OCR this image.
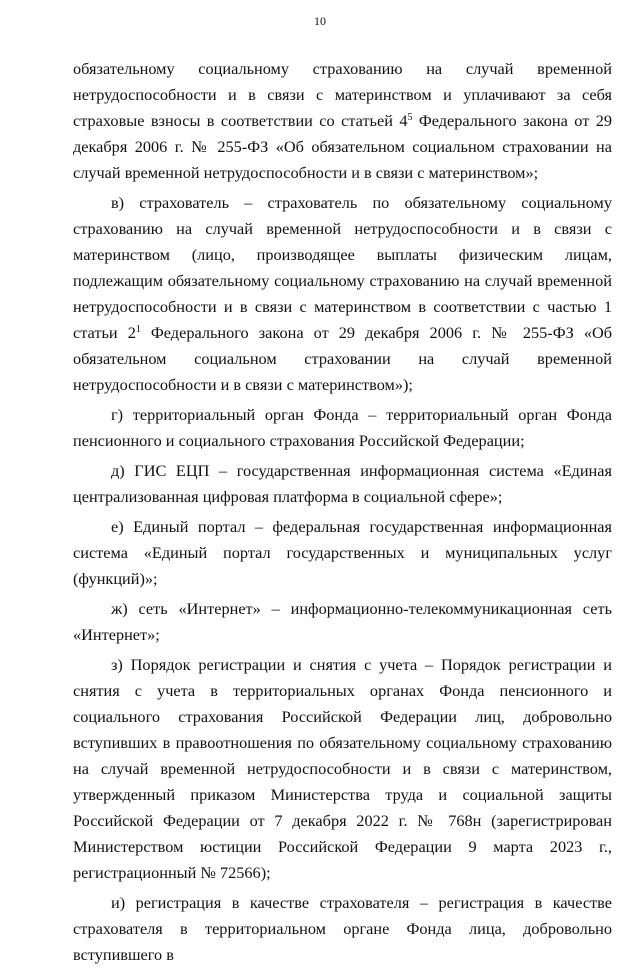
10

обязательному социальному страхованию на случай временной нетрудоспособности и в связи с материнством и уплачивают за себя страховые взносы в соответствии со статьей $4^5$ Федерального закона от 29 декабря 2006 г. № 255-ФЗ «Об обязательном социальном страховании на случай временной нетрудоспособности и в связи с материнством»;

в) страхователь – страхователь по обязательному социальному страхованию на случай временной нетрудоспособности и в связи с материнством (лицо, производящее выплаты физическим лицам, подлежащим обязательному социальному страхованию на случай временной нетрудоспособности и в связи с материнством в соответствии с частью 1 статьи $2^1$ Федерального закона от 29 декабря 2006 г. № 255-ФЗ «Об обязательном социальном страховании на случай временной нетрудоспособности и в связи с материнством»);

г) территориальный орган Фонда – территориальный орган Фонда пенсионного и социального страхования Российской Федерации;

д) ГИС ЕЦП – государственная информационная система «Единая централизованная цифровая платформа в социальной сфере»;

е) Единый портал – федеральная государственная информационная система «Единый портал государственных и муниципальных услуг (функций)»;

ж) сеть «Интернет» – информационно-телекоммуникационная сеть «Интернет»;

з) Порядок регистрации и снятия с учета – Порядок регистрации и снятия с учета в территориальных органах Фонда пенсионного и социального страхования Российской Федерации лиц, добровольно вступивших в правоотношения по обязательному социальному страхованию на случай временной нетрудоспособности и в связи с материнством, утвержденный приказом Министерства труда и социальной защиты Российской Федерации от 7 декабря 2022 г. № 768н (зарегистрирован Министерством юстиции Российской Федерации 9 марта 2023 г., регистрационный № 72566);

и) регистрация в качестве страхователя – регистрация в качестве страхователя в территориальном органе Фонда лица, добровольно вступившего в
